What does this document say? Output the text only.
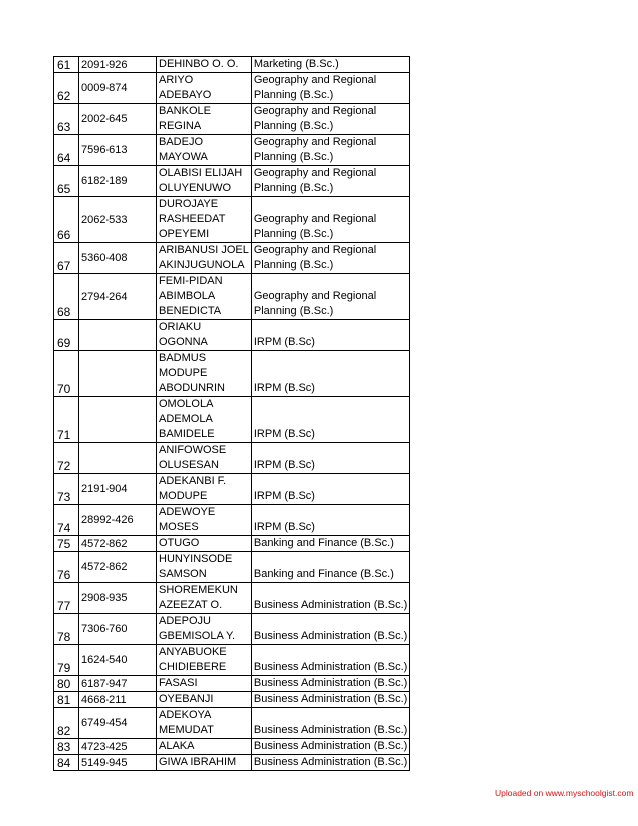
61	2091-926	DEHINBO O. O.	Marketing (B.Sc.)

62	0009-874	ARIYO
ADEBAYO	Geography and Regional
Planning (B.Sc.)

63	2002-645	BANKOLE
REGINA	Geography and Regional
Planning (B.Sc.)

64	7596-613	BADEJO
MAYOWA	Geography and Regional
Planning (B.Sc.)

65	6182-189	OLABISI ELIJAH
OLUYENUWO	Geography and Regional
Planning (B.Sc.)

66	2062-533	DUROJAYE
RASHEEDAT
OPEYEMI	Geography and Regional
Planning (B.Sc.)

67	5360-408	ARIBANUSI JOEL
AKINJUGUNOLA	Geography and Regional
Planning (B.Sc.)

68	2794-264	FEMI-PIDAN
ABIMBOLA
BENEDICTA	Geography and Regional
Planning (B.Sc.)

69		ORIAKU
OGONNA	IRPM (B.Sc)

70		BADMUS
MODUPE
ABODUNRIN	IRPM (B.Sc)

71		OMOLOLA
ADEMOLA
BAMIDELE	IRPM (B.Sc)

72		ANIFOWOSE
OLUSESAN	IRPM (B.Sc)

73	2191-904	ADEKANBI F.
MODUPE	IRPM (B.Sc)

74	28992-426	ADEWOYE
MOSES	IRPM (B.Sc)

75	4572-862	OTUGO	Banking and Finance (B.Sc.)

76	4572-862	HUNYINSODE
SAMSON	Banking and Finance (B.Sc.)

77	2908-935	SHOREMEKUN
AZEEZAT O.	Business Administration (B.Sc.)

78	7306-760	ADEPOJU
GBEMISOLA Y.	Business Administration (B.Sc.)

79	1624-540	ANYABUOKE
CHIDIEBERE	Business Administration (B.Sc.)

80	6187-947	FASASI	Business Administration (B.Sc.)

81	4668-211	OYEBANJI	Business Administration (B.Sc.)

82	6749-454	ADEKOYA
MEMUDAT	Business Administration (B.Sc.)

83	4723-425	ALAKA	Business Administration (B.Sc.)

84	5149-945	GIWA IBRAHIM	Business Administration (B.Sc.)
Uploaded on www.myschoolgist.com
